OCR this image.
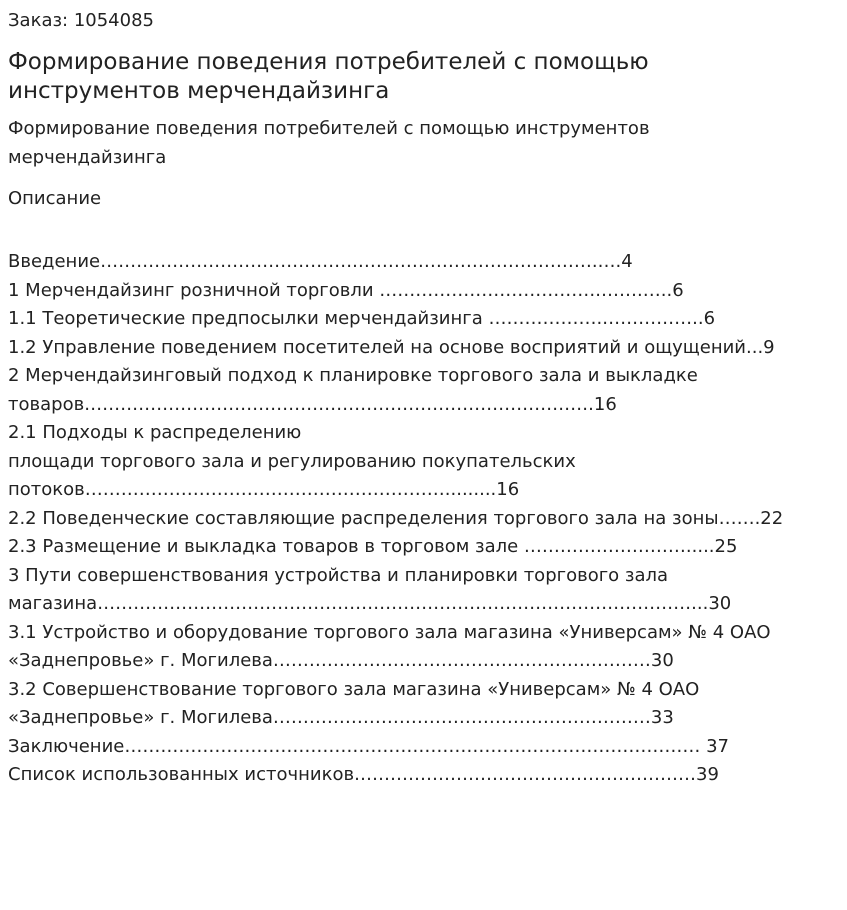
Заказ: 1054085
Формирование поведения потребителей с помощью
инструментов мерчендайзинга
Формирование поведения потребителей с помощью инструментов
мерчендайзинга
Описание
Введение…………………………………….………………………………….….4
1 Мерчендайзинг розничной торговли ……………………………….…….…..6
1.1 Теоретические предпосылки мерчендайзинга ……………….……………..6
1.2 Управление поведением посетителей на основе восприятий и ощущений...9
2 Мерчендайзинговый подход к планировке торгового зала и выкладке
товаров………………………………………………………………………….16
2.1 Подходы к распределению
площади торгового зала и регулированию покупательских
потоков…………………………………………………….........16
2.2 Поведенческие составляющие распределения торгового зала на зоны…….22
2.3 Размещение и выкладка товаров в торговом зале ……………………….....25
3 Пути совершенствования устройства и планировки торгового зала
магазина………………………………………………………………………………………...30
3.1 Устройство и оборудование торгового зала магазина «Универсам» № 4 ОАО
«Заднепровье» г. Могилева………………………………………………………30
3.2 Совершенствование торгового зала магазина «Универсам» № 4 ОАО
«Заднепровье» г. Могилева………………………………………………………33
Заключение…………………………………………………………………………………… 37
Список использованных источников…………………………………………………39
